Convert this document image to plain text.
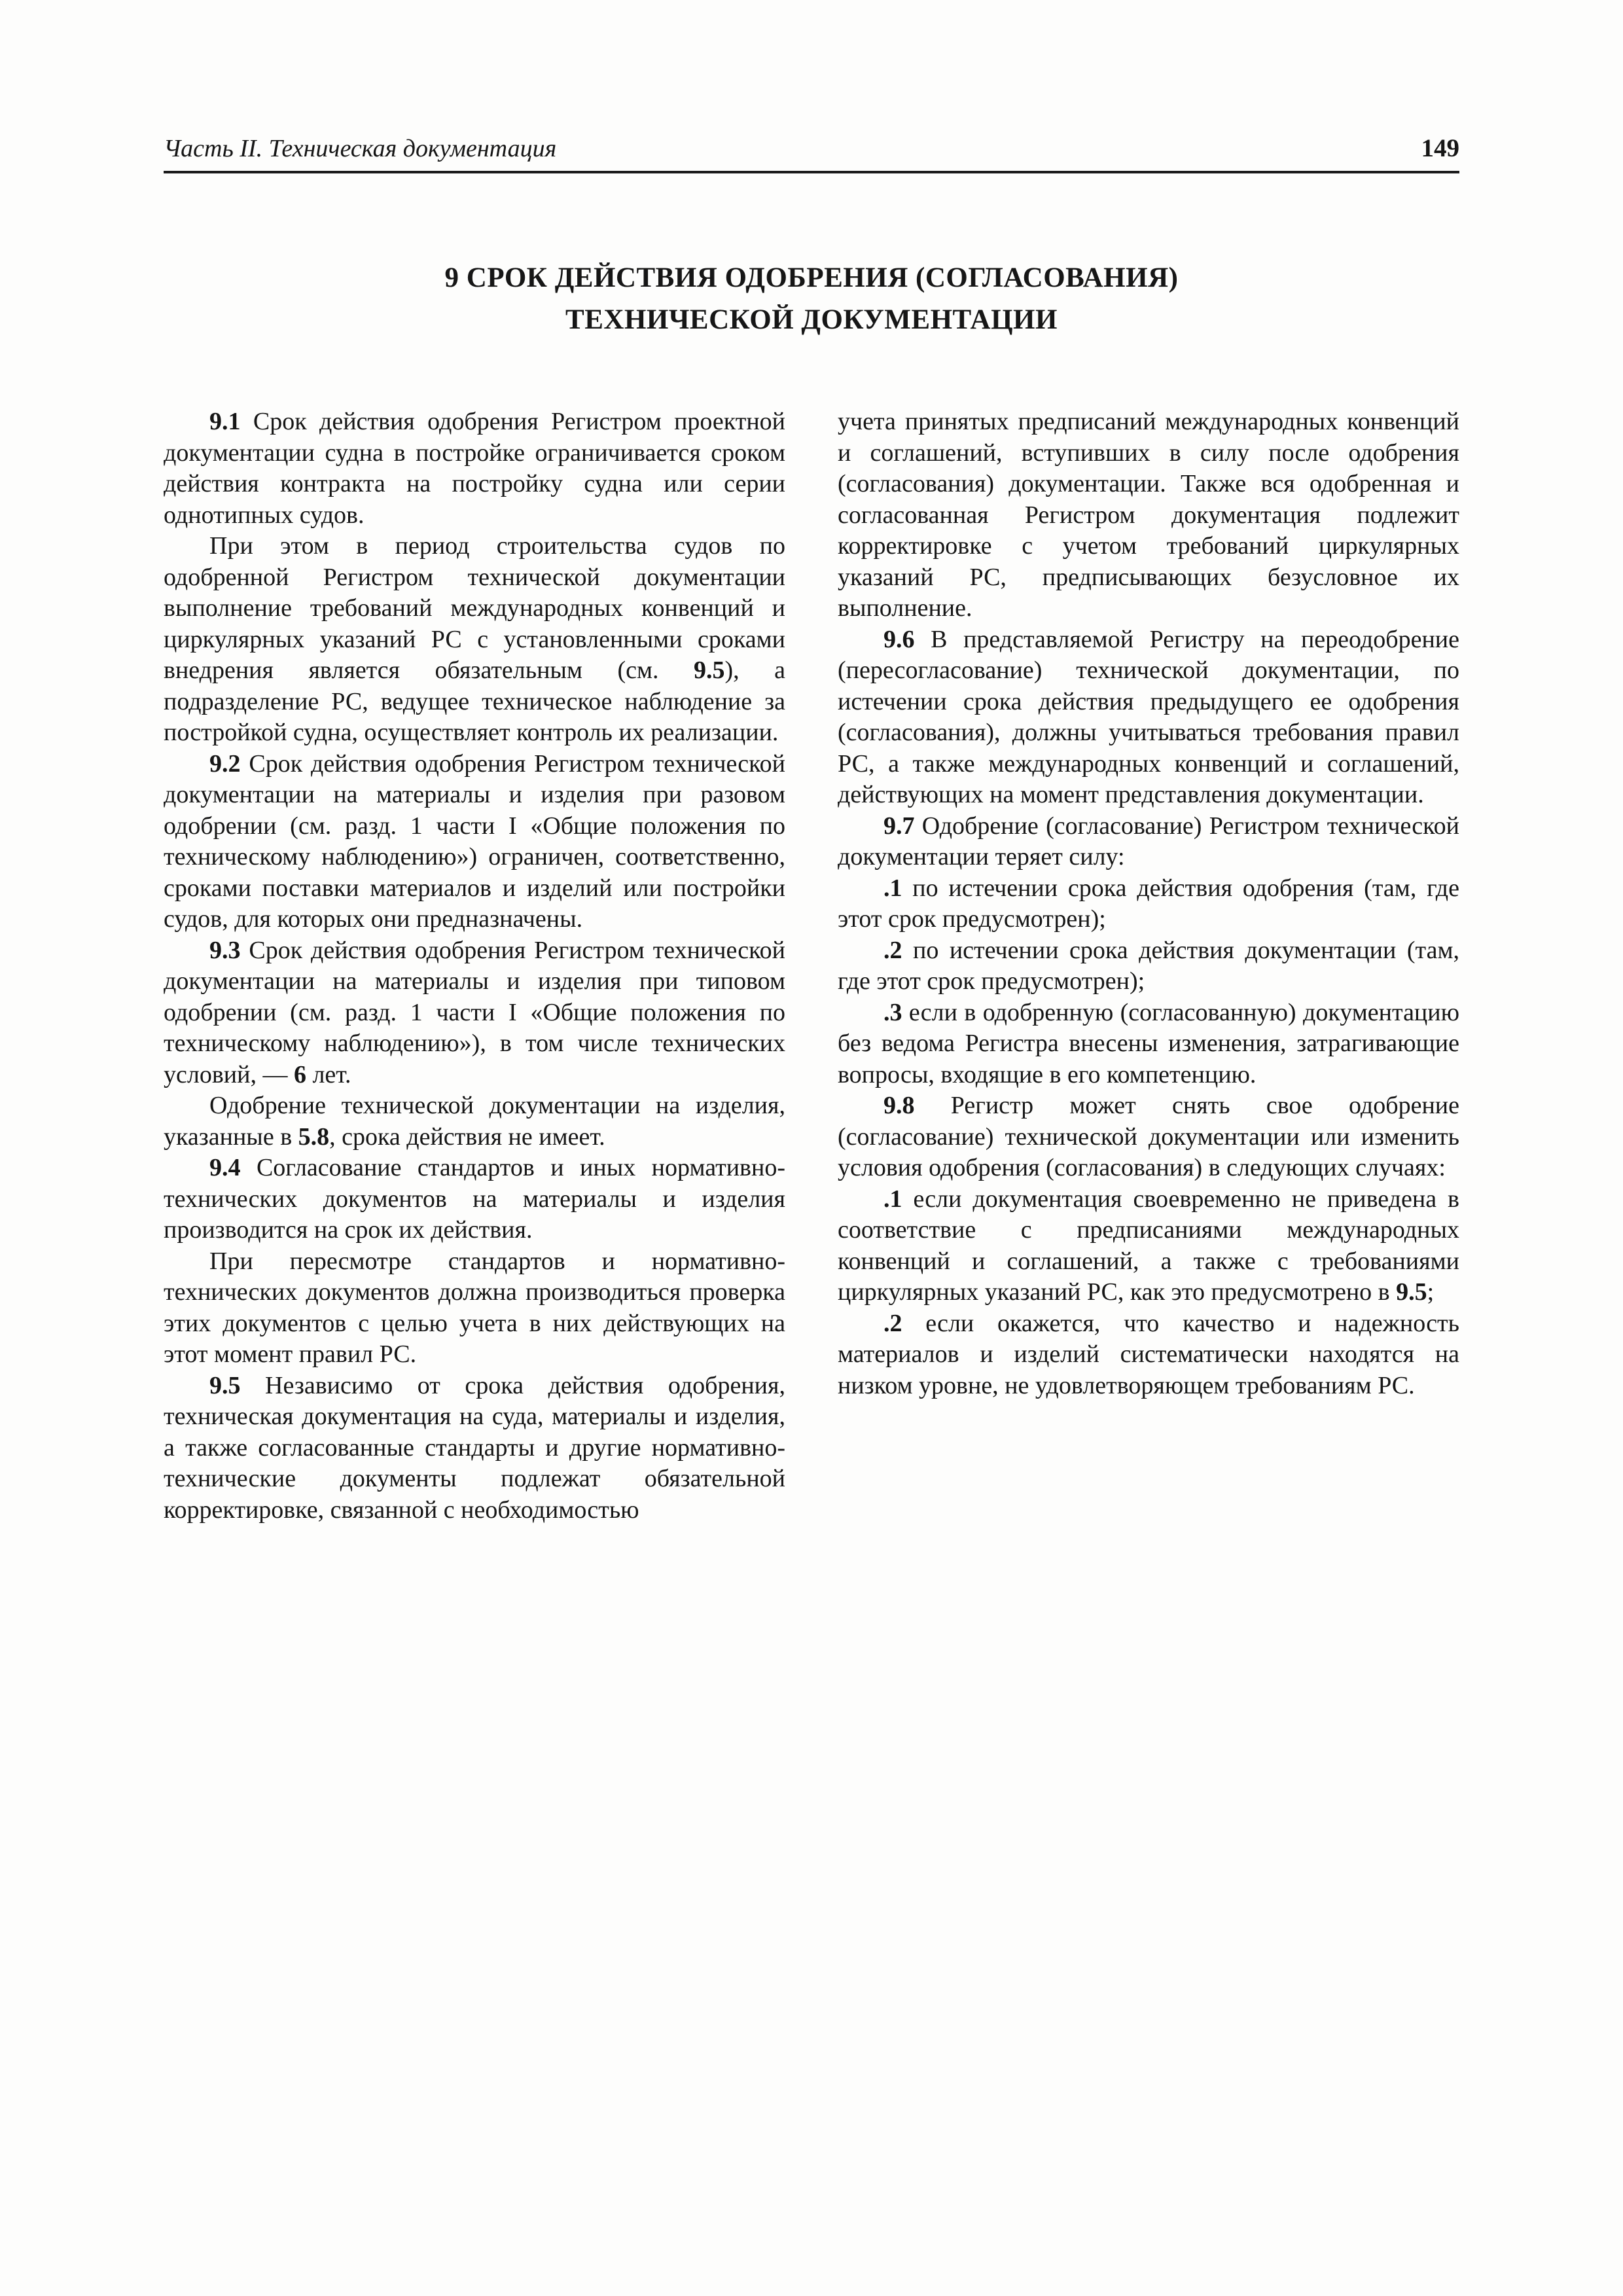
Часть II. Техническая документация	149
9 СРОК ДЕЙСТВИЯ ОДОБРЕНИЯ (СОГЛАСОВАНИЯ)
ТЕХНИЧЕСКОЙ ДОКУМЕНТАЦИИ

9.1 Срок действия одобрения Регистром проектной документации судна в постройке ограничивается сроком действия контракта на постройку судна или серии однотипных судов.

При этом в период строительства судов по одобренной Регистром технической документации выполнение требований международных конвенций и циркулярных указаний РС с установленными сроками внедрения является обязательным (см. 9.5), а подразделение РС, ведущее техническое наблюдение за постройкой судна, осуществляет контроль их реализации.

9.2 Срок действия одобрения Регистром технической документации на материалы и изделия при разовом одобрении (см. разд. 1 части I «Общие положения по техническому наблюдению») ограничен, соответственно, сроками поставки материалов и изделий или постройки судов, для которых они предназначены.

9.3 Срок действия одобрения Регистром технической документации на материалы и изделия при типовом одобрении (см. разд. 1 части I «Общие положения по техническому наблюдению»), в том числе технических условий, — 6 лет.

Одобрение технической документации на изделия, указанные в 5.8, срока действия не имеет.

9.4 Согласование стандартов и иных нормативно-технических документов на материалы и изделия производится на срок их действия.

При пересмотре стандартов и нормативно-технических документов должна производиться проверка этих документов с целью учета в них действующих на этот момент правил РС.

9.5 Независимо от срока действия одобрения, техническая документация на суда, материалы и изделия, а также согласованные стандарты и другие нормативно-технические документы подлежат обязательной корректировке, связанной с необходимостью

учета принятых предписаний международных конвенций и соглашений, вступивших в силу после одобрения (согласования) документации. Также вся одобренная и согласованная Регистром документация подлежит корректировке с учетом требований циркулярных указаний РС, предписывающих безусловное их выполнение.

9.6 В представляемой Регистру на переодобрение (пересогласование) технической документации, по истечении срока действия предыдущего ее одобрения (согласования), должны учитываться требования правил РС, а также международных конвенций и соглашений, действующих на момент представления документации.

9.7 Одобрение (согласование) Регистром технической документации теряет силу:

.1 по истечении срока действия одобрения (там, где этот срок предусмотрен);

.2 по истечении срока действия документации (там, где этот срок предусмотрен);

.3 если в одобренную (согласованную) документацию без ведома Регистра внесены изменения, затрагивающие вопросы, входящие в его компетенцию.

9.8 Регистр может снять свое одобрение (согласование) технической документации или изменить условия одобрения (согласования) в следующих случаях:

.1 если документация своевременно не приведена в соответствие с предписаниями международных конвенций и соглашений, а также с требованиями циркулярных указаний РС, как это предусмотрено в 9.5;

.2 если окажется, что качество и надежность материалов и изделий систематически находятся на низком уровне, не удовлетворяющем требованиям РС.
